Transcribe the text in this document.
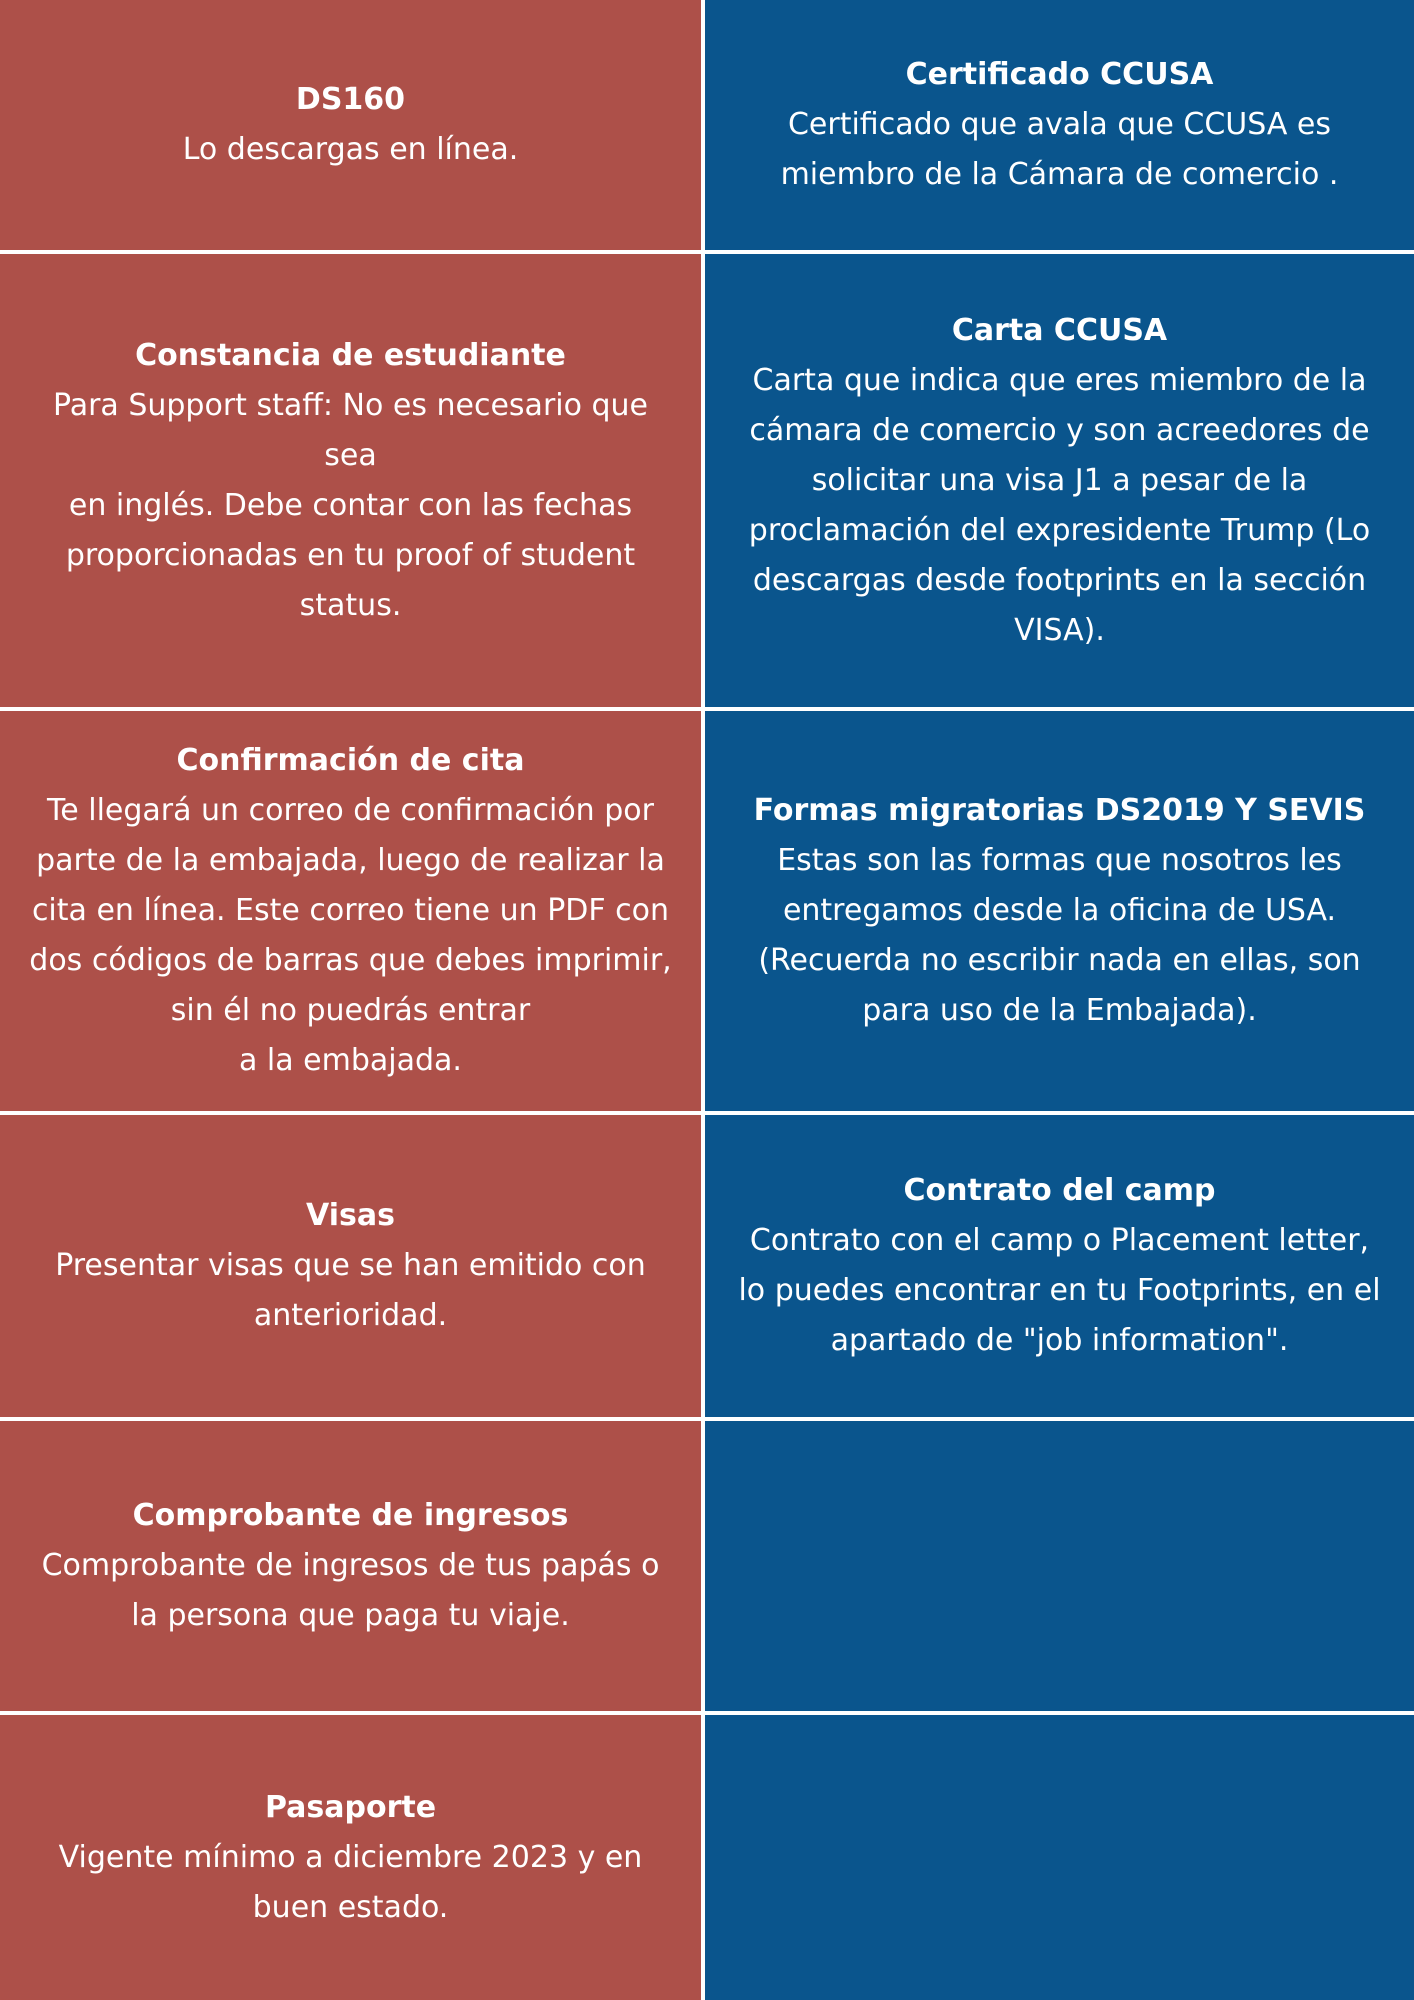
DS160

Lo descargas en línea.

Certificado CCUSA

Certificado que avala que CCUSA es
miembro de la Cámara de comercio .

Constancia de estudiante

Para Support staff: No es necesario que sea
en inglés. Debe contar con las fechas
proporcionadas en tu proof of student
status.

Carta CCUSA

Carta que indica que eres miembro de la
cámara de comercio y son acreedores de
solicitar una visa J1 a pesar de la
proclamación del expresidente Trump (Lo
descargas desde footprints en la sección
VISA).

Confirmación de cita

Te llegará un correo de confirmación por
parte de la embajada, luego de realizar la
cita en línea. Este correo tiene un PDF con
dos códigos de barras que debes imprimir,
sin él no puedrás entrar
a la embajada.

Formas migratorias DS2019 Y SEVIS

Estas son las formas que nosotros les
entregamos desde la oficina de USA.
(Recuerda no escribir nada en ellas, son
para uso de la Embajada).

Visas

Presentar visas que se han emitido con
anterioridad.

Contrato del camp

Contrato con el camp o Placement letter,
lo puedes encontrar en tu Footprints, en el
apartado de "job information".

Comprobante de ingresos

Comprobante de ingresos de tus papás o
la persona que paga tu viaje.

Pasaporte

Vigente mínimo a diciembre 2023 y en
buen estado.
